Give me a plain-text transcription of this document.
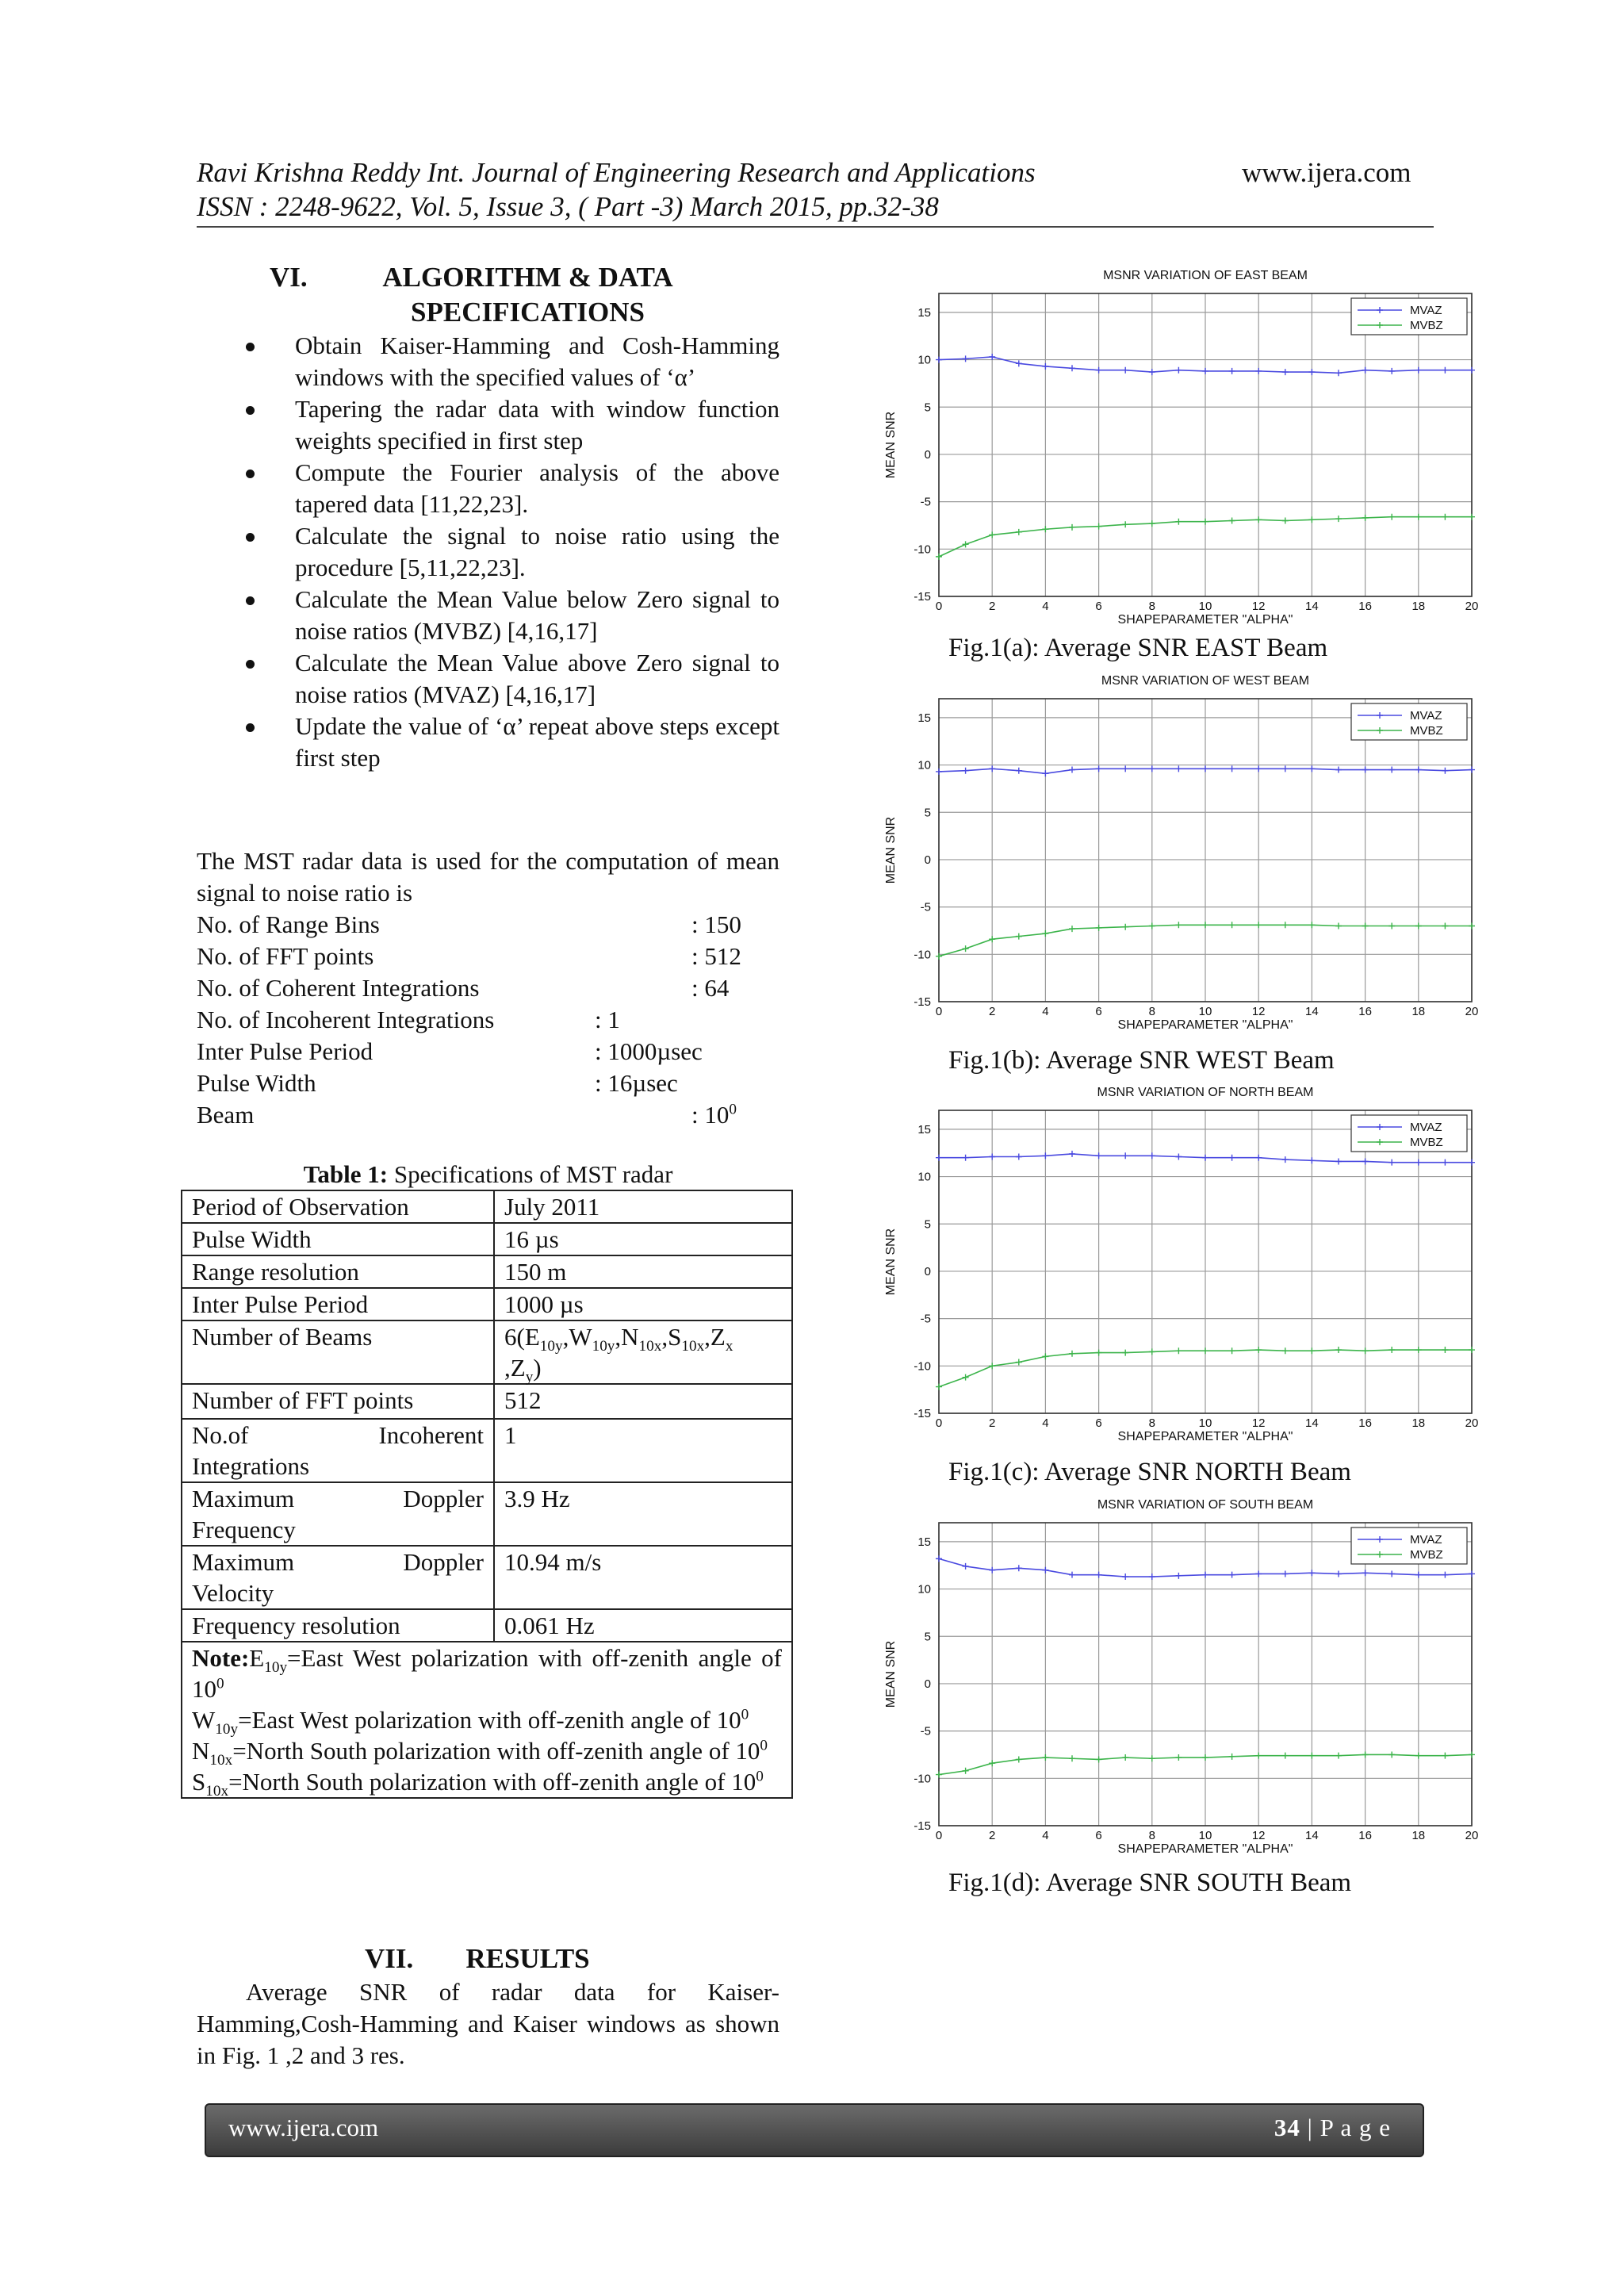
Ravi Krishna Reddy Int. Journal of Engineering Research and Applications	www.ijera.com
ISSN : 2248-9622, Vol. 5, Issue 3, ( Part -3) March 2015, pp.32-38
VI.	ALGORITHM & DATA
SPECIFICATIONS
Obtain Kaiser-Hamming and Cosh-Hamming windows with the specified values of ‘α’
Tapering the radar data with window function weights specified in first step
Compute the Fourier analysis of the above tapered data [11,22,23].
Calculate the signal to noise ratio using the procedure [5,11,22,23].
Calculate the Mean Value below Zero signal to noise ratios (MVBZ) [4,16,17]
Calculate the Mean Value above Zero signal to noise ratios (MVAZ) [4,16,17]
Update the value of ‘α’ repeat above steps except first step
The MST radar data is used for the computation of mean signal to noise ratio is
No. of Range Bins	: 150
No. of FFT points	: 512
No. of Coherent Integrations	: 64
No. of Incoherent Integrations	: 1
Inter Pulse Period	: 1000µsec
Pulse Width	: 16µsec
Beam	: $10^0$
Table 1: Specifications of MST radar
Period of Observation	July 2011
Pulse Width	16 µs
Range resolution	150 m
Inter Pulse Period	1000 µs
Number of Beams	$6(E_{10y},W_{10y},N_{10x},S_{10x},Z_x$
$,Z_y$)
Number of FFT points	512

No.of Incoherent
Integrations	1

Maximum Doppler
Frequency	3.9 Hz

Maximum Doppler
Velocity	10.94 m/s
Frequency resolution	0.061 Hz

$Note:E_{10y}=East$ West polarization with off-zenith angle of $10^0$
$W_{10y}=East$ West polarization with off-zenith angle of $10^0$
$N_{10x}=North$ South polarization with off-zenith angle of $10^0$
$S_{10x}=North$ South polarization with off-zenith angle of $10^0$
VII. RESULTS
Average SNR of radar data for Kaiser-Hamming,Cosh-Hamming and Kaiser windows as shown in Fig. 1 ,2 and 3 res.
0	2	4	6	8	10	12	14	16	18	20
-15
-10
-5
0
5
10
15
MSNR VARIATION OF EAST BEAM
SHAPEPARAMETER "ALPHA"
MEAN SNR
MVAZ
MVBZ
Fig.1(a): Average SNR EAST Beam
0	2	4	6	8	10	12	14	16	18	20
-15
-10
-5
0
5
10
15
MSNR VARIATION OF WEST BEAM
SHAPEPARAMETER "ALPHA"
MEAN SNR
MVAZ
MVBZ
Fig.1(b): Average SNR WEST Beam
0	2	4	6	8	10	12	14	16	18	20
-15
-10
-5
0
5
10
15
MSNR VARIATION OF NORTH BEAM
SHAPEPARAMETER "ALPHA"
MEAN SNR
MVAZ
MVBZ
Fig.1(c): Average SNR NORTH Beam
0	2	4	6	8	10	12	14	16	18	20
-15
-10
-5
0
5
10
15
MSNR VARIATION OF SOUTH BEAM
SHAPEPARAMETER "ALPHA"
MEAN SNR
MVAZ
MVBZ
Fig.1(d): Average SNR SOUTH Beam
www.ijera.com	34 | P a g e
